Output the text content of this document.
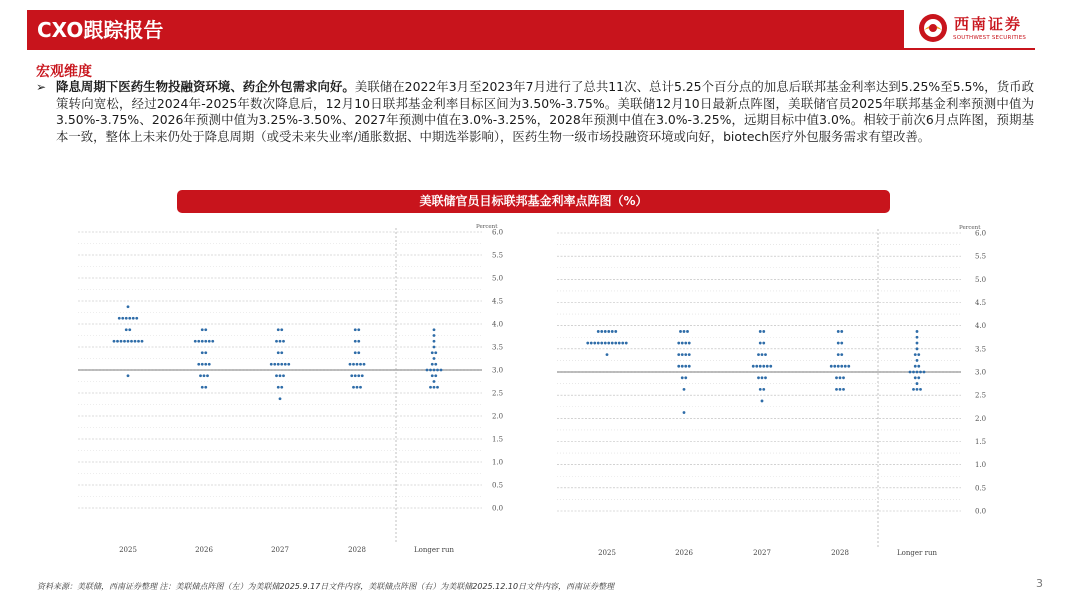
CXO跟踪报告	西南证券
SOUTHWEST SECURITIES
宏观维度
➢ 降息周期下医药生物投融资环境、药企外包需求向好。美联储在2022年3月至2023年7月进行了总共11次、总计5.25个百分点的加息后联邦基金利率达到5.25%至5.5%，货币政策转向宽松，经过2024年-2025年数次降息后，12月10日联邦基金利率目标区间为3.50%-3.75%。美联储12月10日最新点阵图，美联储官员2025年联邦基金利率预测中值为3.50%-3.75%、2026年预测中值为3.25%-3.50%、2027年预测中值在3.0%-3.25%，2028年预测中值在3.0%-3.25%，远期目标中值3.0%。相较于前次6月点阵图，预期基本一致，整体上未来仍处于降息周期（或受未来失业率/通胀数据、中期选举影响），医药生物一级市场投融资环境或向好，biotech医疗外包服务需求有望改善。
美联储官员目标联邦基金利率点阵图（%）
0.0
0.5
1.0
1.5
2.0
2.5
3.0
3.5
4.0
4.5
5.0
5.5
6.0
Percent
2025	2026	2027	2028	Longer run
0.0
0.5
1.0
1.5
2.0
2.5
3.0
3.5
4.0
4.5
5.0
5.5
6.0
Percent
2025	2026	2027	2028	Longer run
资料来源：美联储，西南证券整理 注：美联储点阵图（左）为美联储2025.9.17日文件内容，美联储点阵图（右）为美联储2025.12.10日文件内容，西南证券整理	3
